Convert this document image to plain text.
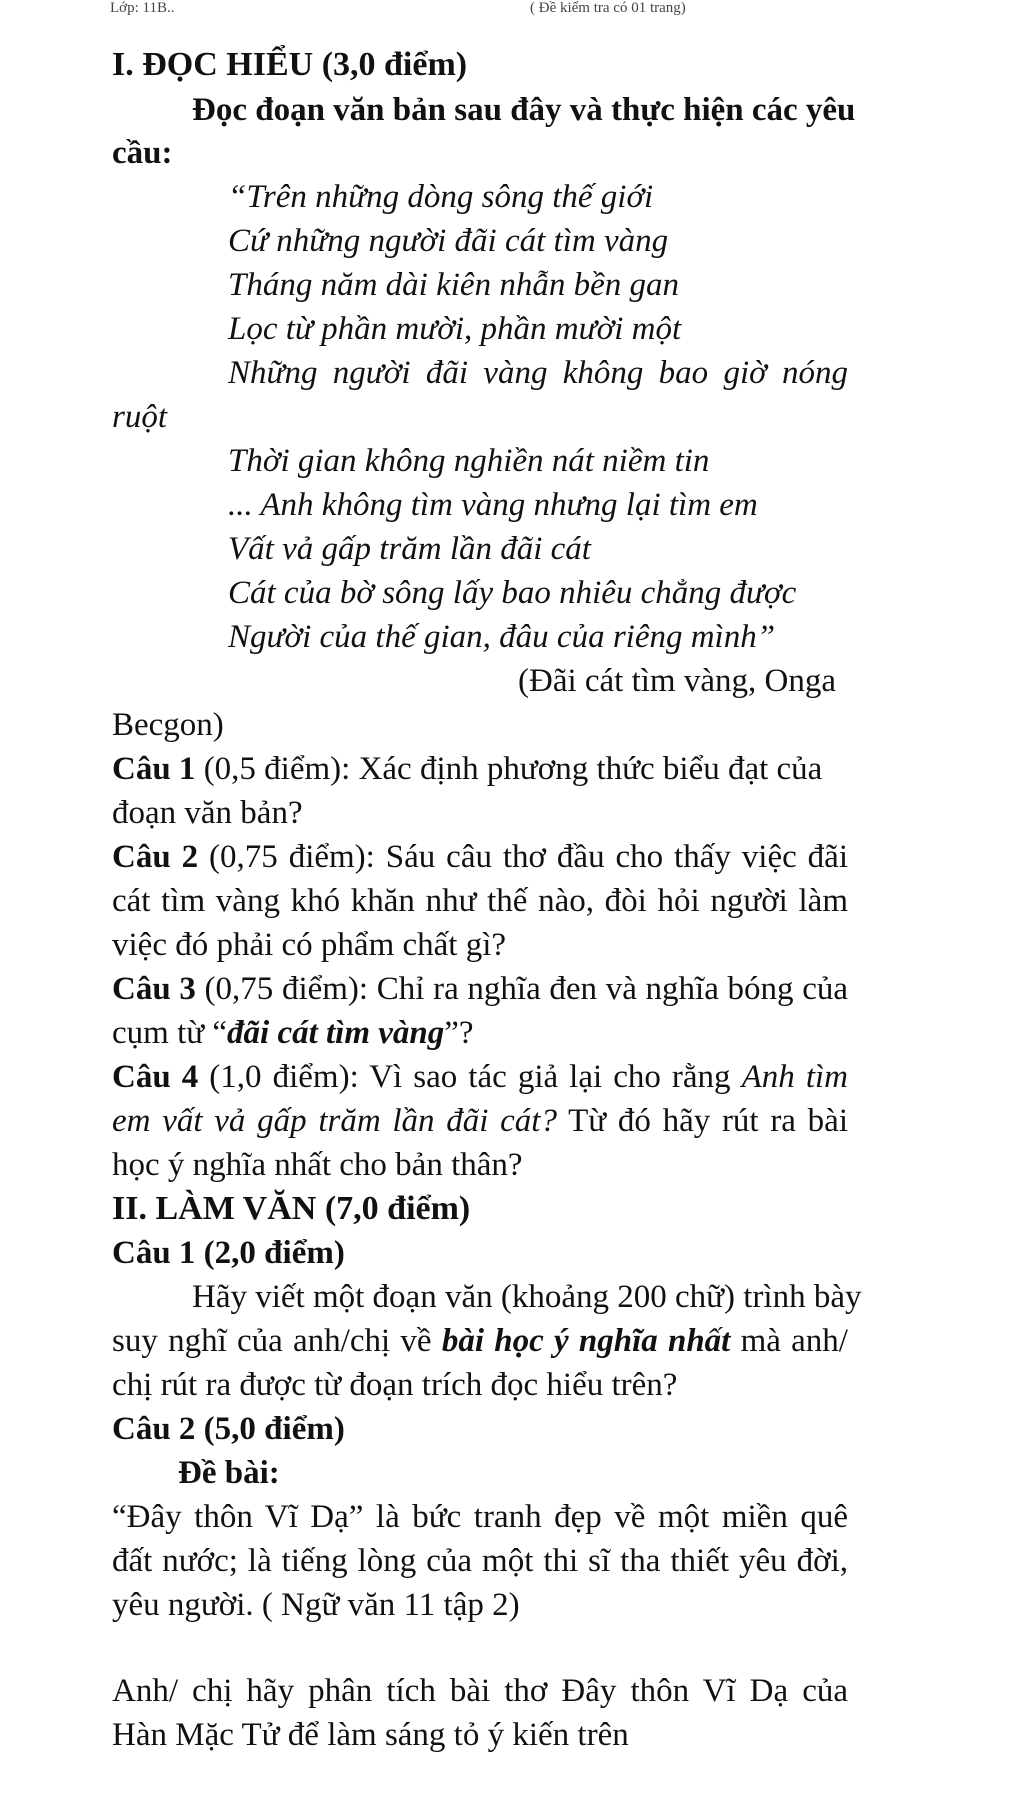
Lớp: 11B..	( Đề kiểm tra có 01 trang)
I. ĐỌC HIỂU (3,0 điểm)
Đọc đoạn văn bản sau đây và thực hiện các yêu
cầu:
“Trên những dòng sông thế giới
Cứ những người đãi cát tìm vàng
Tháng năm dài kiên nhẫn bền gan
Lọc từ phần mười, phần mười một
Những người đãi vàng không bao giờ nóng
ruột
Thời gian không nghiền nát niềm tin
... Anh không tìm vàng nhưng lại tìm em
Vất vả gấp trăm lần đãi cát
Cát của bờ sông lấy bao nhiêu chẳng được
Người của thế gian, đâu của riêng mình”
(Đãi cát tìm vàng, Onga
Becgon)
Câu 1 (0,5 điểm): Xác định phương thức biểu đạt của
đoạn văn bản?
Câu 2 (0,75 điểm): Sáu câu thơ đầu cho thấy việc đãi
cát tìm vàng khó khăn như thế nào, đòi hỏi người làm
việc đó phải có phẩm chất gì?
Câu 3 (0,75 điểm): Chỉ ra nghĩa đen và nghĩa bóng của
cụm từ “đãi cát tìm vàng”?
Câu 4 (1,0 điểm): Vì sao tác giả lại cho rằng Anh tìm
em vất vả gấp trăm lần đãi cát? Từ đó hãy rút ra bài
học ý nghĩa nhất cho bản thân?
II. LÀM VĂN (7,0 điểm)
Câu 1 (2,0 điểm)
Hãy viết một đoạn văn (khoảng 200 chữ) trình bày
suy nghĩ của anh/chị về bài học ý nghĩa nhất mà anh/
chị rút ra được từ đoạn trích đọc hiểu trên?
Câu 2 (5,0 điểm)
Đề bài:
“Đây thôn Vĩ Dạ” là bức tranh đẹp về một miền quê
đất nước; là tiếng lòng của một thi sĩ tha thiết yêu đời,
yêu người. ( Ngữ văn 11 tập 2)
Anh/ chị hãy phân tích bài thơ Đây thôn Vĩ Dạ của
Hàn Mặc Tử để làm sáng tỏ ý kiến trên
